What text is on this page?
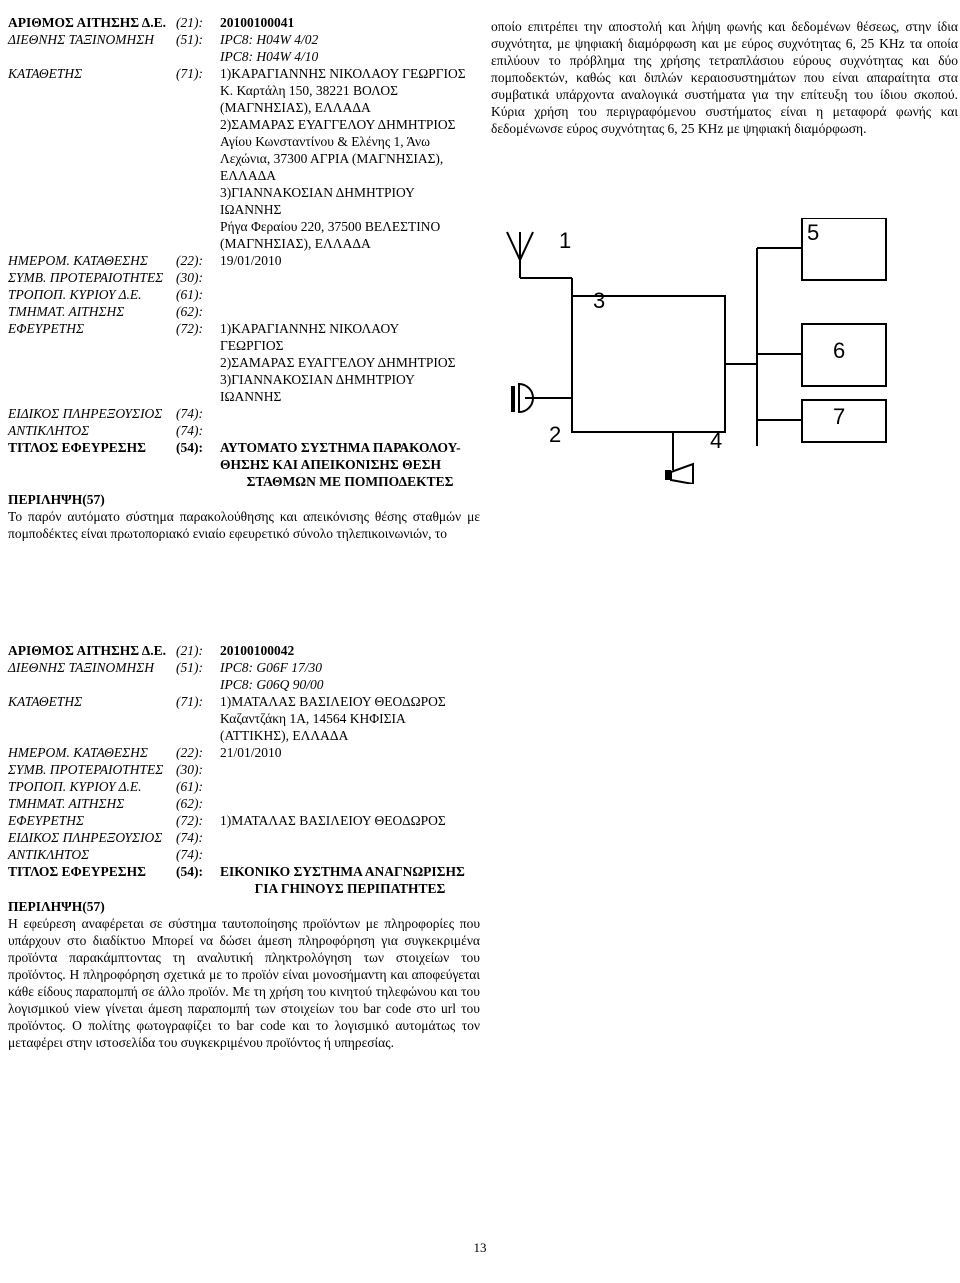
ΑΡΙΘΜΟΣ ΑΙΤΗΣΗΣ Δ.Ε. (21):	20100100041
ΔΙΕΘΝΗΣ ΤΑΞΙΝΟΜΗΣΗ	(51):	IPC8: H04W 4/02
IPC8: H04W 4/10
ΚΑΤΑΘΕΤΗΣ	(71):	1)ΚΑΡΑΓΙΑΝΝΗΣ ΝΙΚΟΛΑΟΥ ΓΕΩΡΓΙΟΣ
Κ. Καρτάλη 150, 38221 ΒΟΛΟΣ
(ΜΑΓΝΗΣΙΑΣ), ΕΛΛΑΔΑ
2)ΣΑΜΑΡΑΣ ΕΥΑΓΓΕΛΟΥ ΔΗΜΗΤΡΙΟΣ
Αγίου Κωνσταντίνου & Ελένης 1, Άνω
Λεχώνια, 37300 ΑΓΡΙΑ (ΜΑΓΝΗΣΙΑΣ),
ΕΛΛΑΔΑ
3)ΓΙΑΝΝΑΚΟΣΙΑΝ ΔΗΜΗΤΡΙΟΥ
ΙΩΑΝΝΗΣ
Ρήγα Φεραίου 220, 37500 ΒΕΛΕΣΤΙΝΟ
(ΜΑΓΝΗΣΙΑΣ), ΕΛΛΑΔΑ
ΗΜΕΡΟΜ. ΚΑΤΑΘΕΣΗΣ	(22):	19/01/2010
ΣΥΜΒ. ΠΡΟΤΕΡΑΙΟΤΗΤΕΣ (30):
ΤΡΟΠΟΠ. ΚΥΡΙΟΥ Δ.Ε.	(61):
ΤΜΗΜΑΤ. ΑΙΤΗΣΗΣ	(62):
ΕΦΕΥΡΕΤΗΣ	(72):	1)ΚΑΡΑΓΙΑΝΝΗΣ ΝΙΚΟΛΑΟΥ
ΓΕΩΡΓΙΟΣ
2)ΣΑΜΑΡΑΣ ΕΥΑΓΓΕΛΟΥ ΔΗΜΗΤΡΙΟΣ
3)ΓΙΑΝΝΑΚΟΣΙΑΝ ΔΗΜΗΤΡΙΟΥ
ΙΩΑΝΝΗΣ
ΕΙΔΙΚΟΣ ΠΛΗΡΕΞΟΥΣΙΟΣ	(74):
ΑΝΤΙΚΛΗΤΟΣ	(74):
ΤΙΤΛΟΣ ΕΦΕΥΡΕΣΗΣ	(54):	ΑΥΤΟΜΑΤΟ ΣΥΣΤΗΜΑ ΠΑΡΑΚΟΛΟΥ-
ΘΗΣΗΣ ΚΑΙ ΑΠΕΙΚΟΝΙΣΗΣ ΘΕΣΗ
ΣΤΑΘΜΩΝ ΜΕ ΠΟΜΠΟΔΕΚΤΕΣ
ΠΕΡΙΛΗΨΗ(57)
Το παρόν αυτόματο σύστημα παρακολούθησης και απεικόνισης θέσης σταθμών με πομποδέκτες είναι πρωτοποριακό ενιαίο εφευρετικό σύνολο τηλεπικοινωνιών, το
οποίο επιτρέπει την αποστολή και λήψη φωνής και δεδομένων θέσεως, στην ίδια συχνότητα, με ψηφιακή διαμόρφωση και με εύρος συχνότητας 6, 25 KHz τα οποία επιλύουν το πρόβλημα της χρήσης τετραπλάσιου εύρους συχνότητας και δύο πομποδεκτών, καθώς και διπλών κεραιοσυστημάτων που είναι απαραίτητα στα συμβατικά υπάρχοντα αναλογικά συστήματα για την επίτευξη του ίδιου σκοπού. Κύρια χρήση του περιγραφόμενου συστήματος είναι η μεταφορά φωνής και δεδομένωνσε εύρος συχνότητας 6, 25 KHz με ψηφιακή διαμόρφωση.
1
2
3
4
5
6
7
ΑΡΙΘΜΟΣ ΑΙΤΗΣΗΣ Δ.Ε. (21):	20100100042
ΔΙΕΘΝΗΣ ΤΑΞΙΝΟΜΗΣΗ	(51):	IPC8: G06F 17/30
IPC8: G06Q 90/00
ΚΑΤΑΘΕΤΗΣ	(71):	1)ΜΑΤΑΛΑΣ ΒΑΣΙΛΕΙΟΥ ΘΕΟΔΩΡΟΣ
Καζαντζάκη 1Α, 14564 ΚΗΦΙΣΙΑ
(ΑΤΤΙΚΗΣ), ΕΛΛΑΔΑ
ΗΜΕΡΟΜ. ΚΑΤΑΘΕΣΗΣ	(22):	21/01/2010
ΣΥΜΒ. ΠΡΟΤΕΡΑΙΟΤΗΤΕΣ (30):
ΤΡΟΠΟΠ. ΚΥΡΙΟΥ Δ.Ε.	(61):
ΤΜΗΜΑΤ. ΑΙΤΗΣΗΣ	(62):
ΕΦΕΥΡΕΤΗΣ	(72):	1)ΜΑΤΑΛΑΣ ΒΑΣΙΛΕΙΟΥ ΘΕΟΔΩΡΟΣ
ΕΙΔΙΚΟΣ ΠΛΗΡΕΞΟΥΣΙΟΣ	(74):
ΑΝΤΙΚΛΗΤΟΣ	(74):
ΤΙΤΛΟΣ ΕΦΕΥΡΕΣΗΣ	(54):	ΕΙΚΟΝΙΚΟ ΣΥΣΤΗΜΑ ΑΝΑΓΝΩΡΙΣΗΣ
ΓΙΑ ΓΗΙΝΟΥΣ ΠΕΡΙΠΑΤΗΤΕΣ
ΠΕΡΙΛΗΨΗ(57)
Η εφεύρεση αναφέρεται σε σύστημα ταυτοποίησης προϊόντων με πληροφορίες που υπάρχουν στο διαδίκτυο Μπορεί να δώσει άμεση πληροφόρηση για συγκεκριμένα προϊόντα παρακάμπτοντας τη αναλυτική πληκτρολόγηση των στοιχείων του προϊόντος. Η πληροφόρηση σχετικά με το προϊόν είναι μονοσήμαντη και αποφεύγεται κάθε είδους παραπομπή σε άλλο προϊόν. Με τη χρήση του κινητού τηλεφώνου και του λογισμικού view γίνεται άμεση παραπομπή των στοιχείων του bar code στο url του προϊόντος. Ο πολίτης φωτογραφίζει το bar code και το λογισμικό αυτομάτως τον μεταφέρει στην ιστοσελίδα του συγκεκριμένου προϊόντος ή υπηρεσίας.
13
